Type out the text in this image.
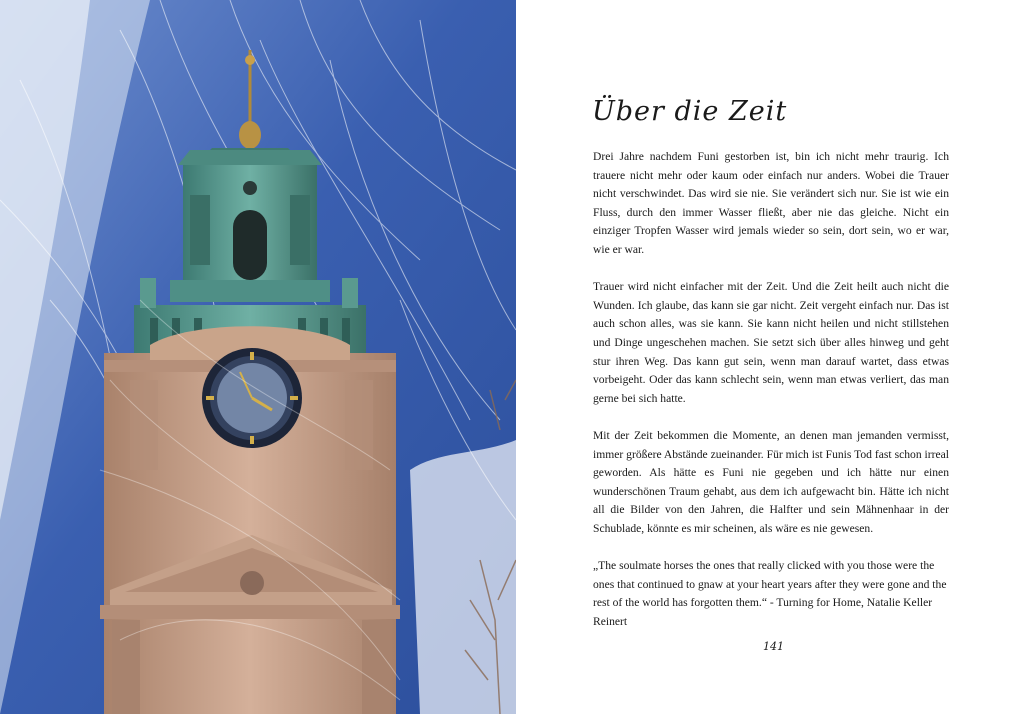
Über die Zeit

Drei Jahre nachdem Funi gestorben ist, bin ich nicht mehr traurig. Ich trauere nicht mehr oder kaum oder einfach nur anders. Wobei die Trauer nicht verschwindet. Das wird sie nie. Sie verändert sich nur. Sie ist wie ein Fluss, durch den immer Wasser fließt, aber nie das gleiche. Nicht ein einziger Tropfen Wasser wird jemals wieder so sein, dort sein, wo er war, wie er war.

Trauer wird nicht einfacher mit der Zeit. Und die Zeit heilt auch nicht die Wunden. Ich glaube, das kann sie gar nicht. Zeit vergeht einfach nur. Das ist auch schon alles, was sie kann. Sie kann nicht heilen und nicht stillstehen und Dinge ungeschehen machen. Sie setzt sich über alles hinweg und geht stur ihren Weg. Das kann gut sein, wenn man darauf wartet, dass etwas vorbeigeht. Oder das kann schlecht sein, wenn man etwas verliert, das man gerne bei sich hatte.

Mit der Zeit bekommen die Momente, an denen man jemanden vermisst, immer größere Abstände zueinander. Für mich ist Funis Tod fast schon irreal geworden. Als hätte es Funi nie gegeben und ich hätte nur einen wunderschönen Traum gehabt, aus dem ich aufgewacht bin. Hätte ich nicht all die Bilder von den Jahren, die Halfter und sein Mähnenhaar in der Schublade, könnte es mir scheinen, als wäre es nie gewesen.

„The soulmate horses the ones that really clicked with you those were the ones that continued to gnaw at your heart years after they were gone and the rest of the world has forgotten them.“ - Turning for Home, Natalie Keller Reinert

141
